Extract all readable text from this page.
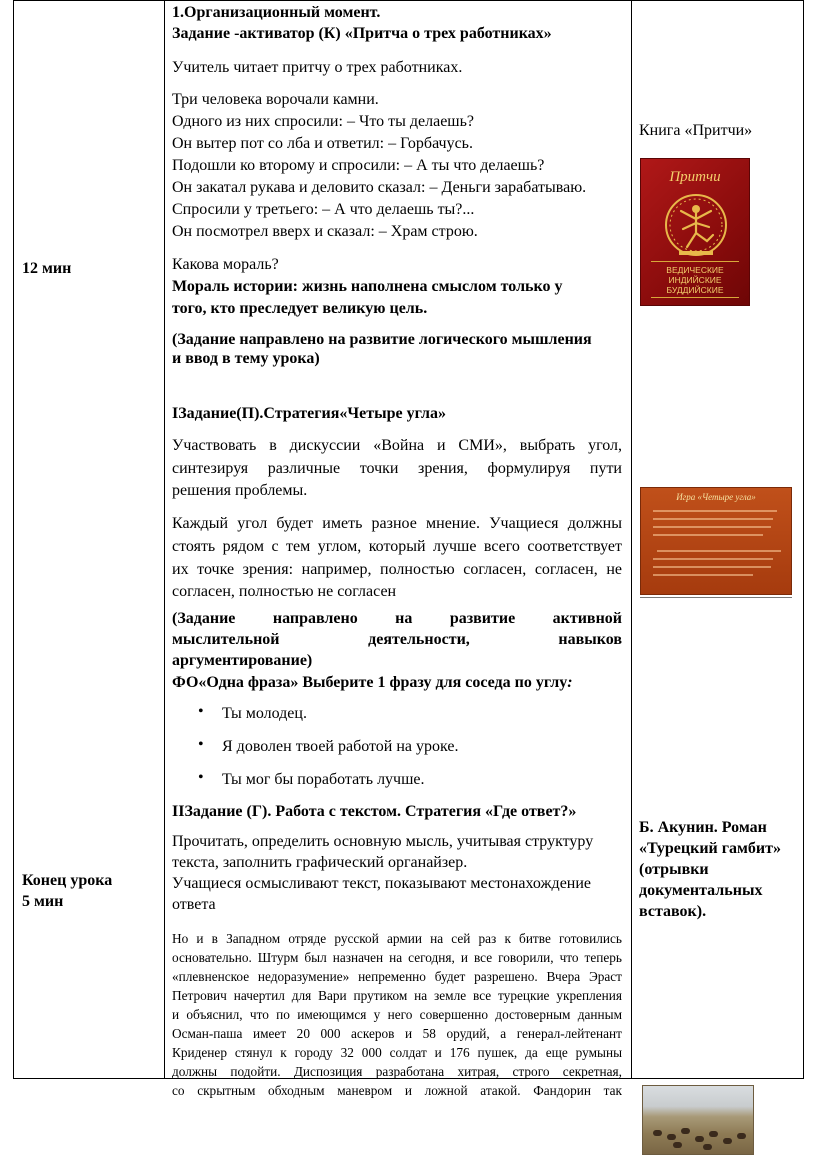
12 мин
Конец урока
5 мин
1.Организационный момент.
Задание -активатор (К) «Притча о трех работниках»
Учитель читает притчу о трех работниках.
Три человека ворочали камни.
Одного из них спросили: – Что ты делаешь?
Он вытер пот со лба и ответил: – Горбачусь.
Подошли ко второму и спросили: – А ты что делаешь?
Он закатал рукава и деловито сказал: – Деньги зарабатываю.
Спросили у третьего: – А что делаешь ты?...
Он посмотрел вверх и сказал: – Храм строю.
Какова мораль?
Мораль истории: жизнь наполнена смыслом только у
того, кто преследует великую цель.
(Задание направлено на развитие логического мышления
и ввод в тему урока)
IЗадание(П).Стратегия«Четыре угла»
Участвовать в дискуссии «Война и СМИ», выбрать угол,
синтезируя различные точки зрения, формулируя пути
решения проблемы.
Каждый угол будет иметь разное мнение. Учащиеся должны
стоять рядом с тем углом, который лучше всего соответствует
их точке зрения: например, полностью согласен, согласен, не
согласен, полностью не согласен
(Задание направлено на развитие активной
мыслительной деятельности, навыков
аргументирование)
ФО«Одна фраза» Выберите 1 фразу для соседа по углу:
• Ты молодец.
• Я доволен твоей работой на уроке.
• Ты мог бы поработать лучше.
IIЗадание (Г). Работа с текстом. Стратегия «Где ответ?»
Прочитать, определить основную мысль, учитывая структуру
текста, заполнить графический органайзер.
Учащиеся осмысливают текст, показывают местонахождение
ответа
Но и в Западном отряде русской армии на сей раз к битве готовились
основательно. Штурм был назначен на сегодня, и все говорили, что теперь
«плевненское недоразумение» непременно будет разрешено. Вчера Эраст
Петрович начертил для Вари прутиком на земле все турецкие укрепления
и объяснил, что по имеющимся у него совершенно достоверным данным
Осман-паша имеет 20 000 аскеров и 58 орудий, а генерал-лейтенант
Криденер стянул к городу 32 000 солдат и 176 пушек, да еще румыны
должны подойти. Диспозиция разработана хитрая, строго секретная,
со скрытным обходным маневром и ложной атакой. Фандорин так
Книга «Притчи»
Притчи
ВЕДИЧЕСКИЕ
ИНДИЙСКИЕ
БУДДИЙСКИЕ
Игра «Четыре угла»
Б. Акунин. Роман
«Турецкий гамбит»
(отрывки
документальных
вставок).
